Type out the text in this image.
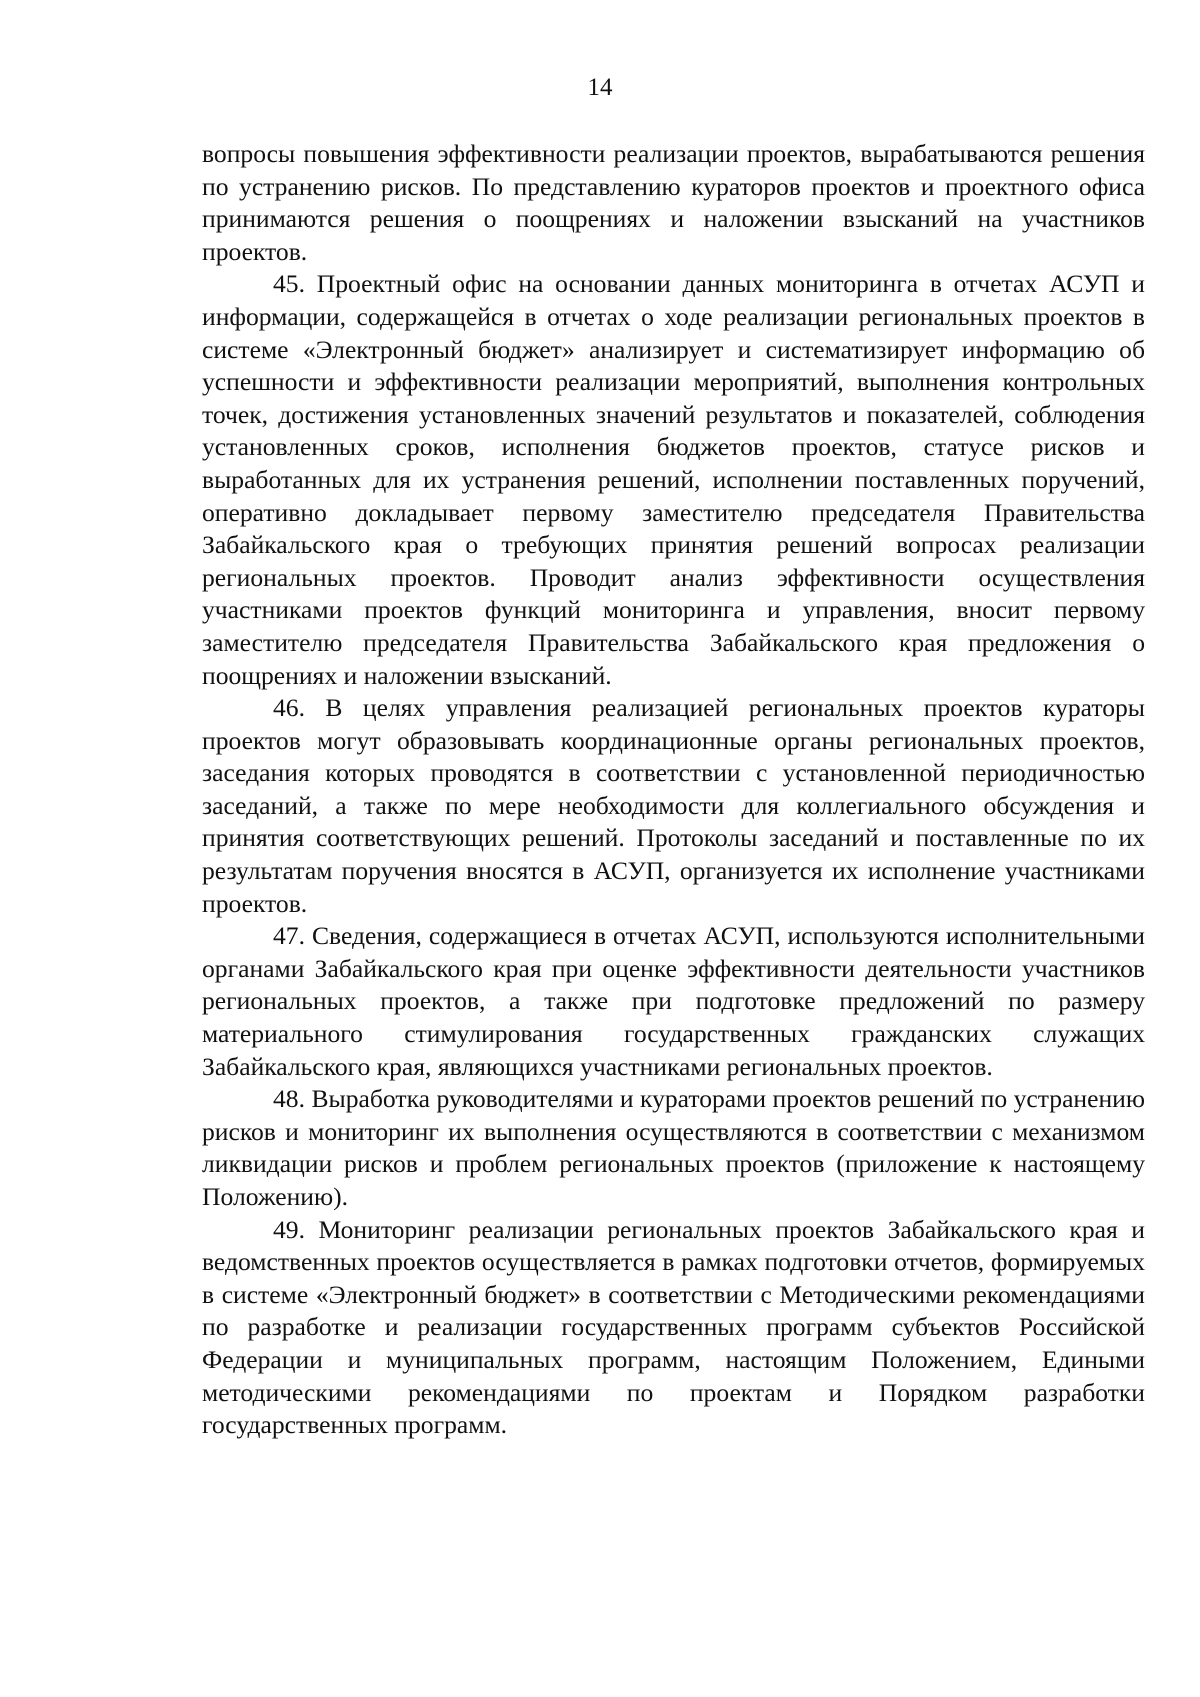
14

вопросы повышения эффективности реализации проектов, вырабатываются решения по устранению рисков. По представлению кураторов проектов и проектного офиса принимаются решения о поощрениях и наложении взысканий на участников проектов.

45. Проектный офис на основании данных мониторинга в отчетах АСУП и информации, содержащейся в отчетах о ходе реализации региональных проектов в системе «Электронный бюджет» анализирует и систематизирует информацию об успешности и эффективности реализации мероприятий, выполнения контрольных точек, достижения установленных значений результатов и показателей, соблюдения установленных сроков, исполнения бюджетов проектов, статусе рисков и выработанных для их устранения решений, исполнении поставленных поручений, оперативно докладывает первому заместителю председателя Правительства Забайкальского края о требующих принятия решений вопросах реализации региональных проектов. Проводит анализ эффективности осуществления участниками проектов функций мониторинга и управления, вносит первому заместителю председателя Правительства Забайкальского края предложения о поощрениях и наложении взысканий.

46. В целях управления реализацией региональных проектов кураторы проектов могут образовывать координационные органы региональных проектов, заседания которых проводятся в соответствии с установленной периодичностью заседаний, а также по мере необходимости для коллегиального обсуждения и принятия соответствующих решений. Протоколы заседаний и поставленные по их результатам поручения вносятся в АСУП, организуется их исполнение участниками проектов.

47. Сведения, содержащиеся в отчетах АСУП, используются исполнительными органами Забайкальского края при оценке эффективности деятельности участников региональных проектов, а также при подготовке предложений по размеру материального стимулирования государственных гражданских служащих Забайкальского края, являющихся участниками региональных проектов.

48. Выработка руководителями и кураторами проектов решений по устранению рисков и мониторинг их выполнения осуществляются в соответствии с механизмом ликвидации рисков и проблем региональных проектов (приложение к настоящему Положению).

49. Мониторинг реализации региональных проектов Забайкальского края и ведомственных проектов осуществляется в рамках подготовки отчетов, формируемых в системе «Электронный бюджет» в соответствии с Методическими рекомендациями по разработке и реализации государственных программ субъектов Российской Федерации и муниципальных программ, настоящим Положением, Едиными методическими рекомендациями по проектам и Порядком разработки государственных программ.
